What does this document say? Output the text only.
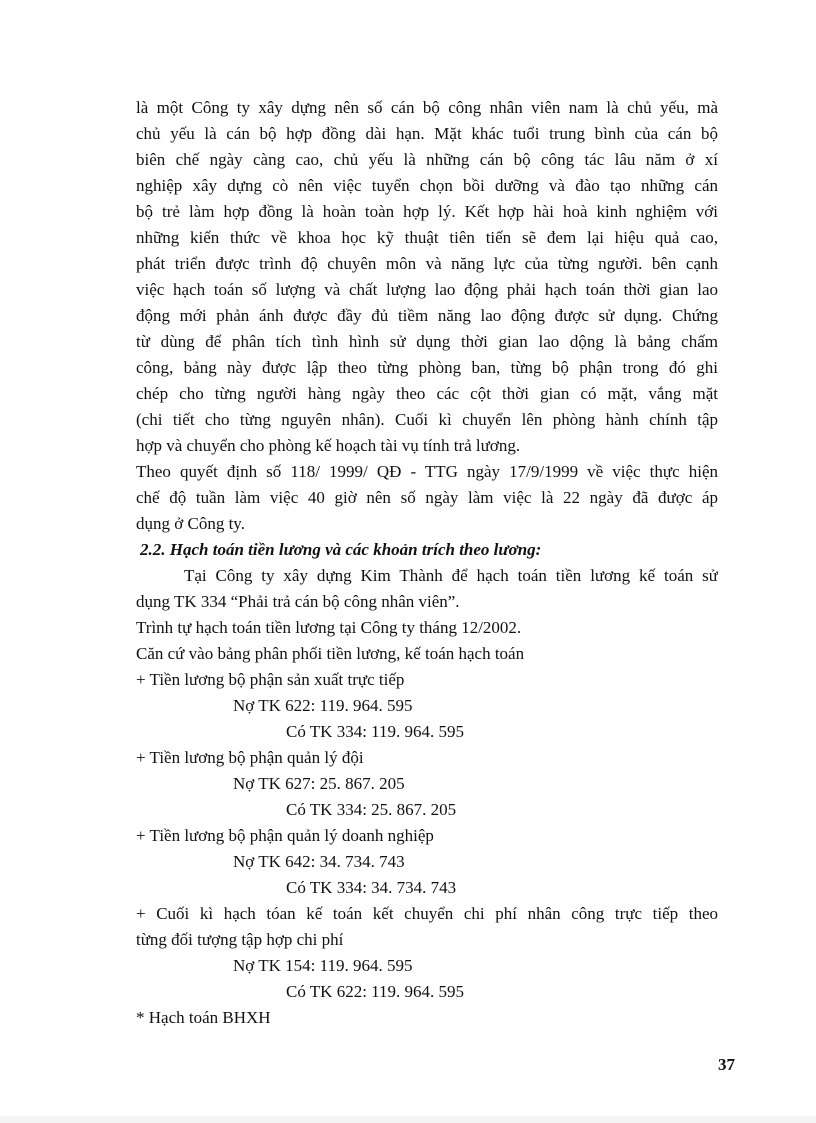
là một Công ty xây dựng nên số cán bộ công nhân viên nam là chủ yếu, mà
chủ yếu là cán bộ hợp đồng dài hạn. Mặt khác tuổi trung bình của cán bộ
biên chế ngày càng cao, chủ yếu là những cán bộ công tác lâu năm ở xí
nghiệp xây dựng cò nên việc tuyển chọn bồi dưỡng và đào tạo những cán
bộ trẻ làm hợp đồng là hoàn toàn hợp lý. Kết hợp hài hoà kinh nghiệm với
những kiến thức về khoa học kỹ thuật tiên tiến sẽ đem lại hiệu quả cao,
phát triển được trình độ chuyên môn và năng lực của từng người. bên cạnh
việc hạch toán số lượng và chất lượng lao động phải hạch toán thời gian lao
động mới phản ánh được đầy đủ tiềm năng lao động được sử dụng. Chứng
từ dùng để phân tích tình hình sử dụng thời gian lao dộng là bảng chấm
công, bảng này được lập theo từng phòng ban, từng bộ phận trong đó ghi
chép cho từng người hàng ngày theo các cột thời gian có mặt, vắng mặt
(chi tiết cho từng nguyên nhân). Cuối kì chuyển lên phòng hành chính tập
hợp và chuyển cho phòng kế hoạch tài vụ tính trả lương.
Theo quyết định số 118/ 1999/ QĐ - TTG ngày 17/9/1999 về việc thực hiện
chế độ tuần làm việc 40 giờ nên số ngày làm việc là 22 ngày đã được áp
dụng ở Công ty.
2.2. Hạch toán tiền lương và các khoản trích theo lương:
Tại Công ty xây dựng Kim Thành để hạch toán tiền lương kế toán sử
dụng TK 334 “Phải trả cán bộ công nhân viên”.
Trình tự hạch toán tiền lương tại Công ty tháng 12/2002.
Căn cứ vào bảng phân phối tiền lương, kế toán hạch toán
+ Tiền lương bộ phận sản xuất trực tiếp
Nợ TK 622: 119. 964. 595
Có TK 334: 119. 964. 595
+ Tiền lương bộ phận quản lý đội
Nợ TK 627: 25. 867. 205
Có TK 334: 25. 867. 205
+ Tiền lương bộ phận quản lý doanh nghiệp
Nợ TK 642: 34. 734. 743
Có TK 334: 34. 734. 743
+ Cuối kì hạch tóan kế toán kết chuyển chi phí nhân công trực tiếp theo
từng đối tượng tập hợp chi phí
Nợ TK 154: 119. 964. 595
Có TK 622: 119. 964. 595
* Hạch toán BHXH
37
